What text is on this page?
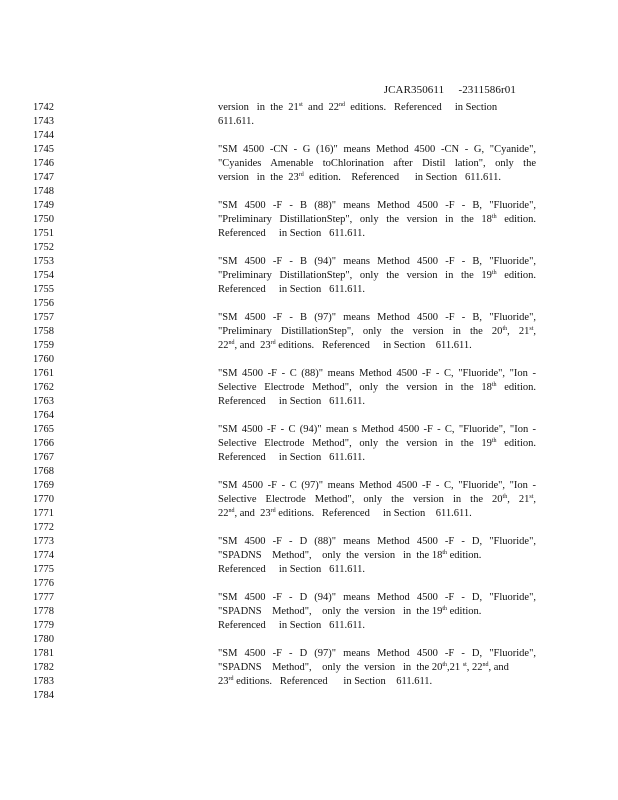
JCAR350611     -2311586r01

1742
1743
1744
1745
1746
1747
1748
1749
1750
1751
1752
1753
1754
1755
1756
1757
1758
1759
1760
1761
1762
1763
1764
1765
1766
1767
1768
1769
1770
1771
1772
1773
1774
1775
1776
1777
1778
1779
1780
1781
1782
1783
1784
version   in  the  21st  and  22nd  editions.   Referenced     in Section
611.611.
"SM 4500 -CN - G (16)" means Method 4500 -CN - G, "Cyanide",
"Cyanides Amenable toChlorination after Distil lation", only the
version   in  the  23rd  edition.    Referenced      in Section   611.611.
"SM 4500 -F - B (88)" means Method 4500 -F - B, "Fluoride",
"Preliminary DistillationStep", only the version in the 18th edition.
Referenced     in Section   611.611.
"SM 4500 -F - B (94)" means Method 4500 -F - B, "Fluoride",
"Preliminary DistillationStep", only the version in the 19th edition.
Referenced     in Section   611.611.
"SM 4500 -F - B (97)" means Method 4500 -F - B, "Fluoride",
"Preliminary DistillationStep", only the version in the 20th, 21st,
22nd, and  23rd editions.   Referenced     in Section    611.611.
"SM 4500 -F - C (88)" means Method 4500 -F - C, "Fluoride", "Ion -
Selective Electrode Method", only the version in the 18th edition.
Referenced     in Section   611.611.
"SM 4500 -F - C (94)" mean s Method 4500 -F - C, "Fluoride", "Ion -
Selective Electrode Method", only the version in the 19th edition.
Referenced     in Section   611.611.
"SM 4500 -F - C (97)" means Method 4500 -F - C, "Fluoride", "Ion -
Selective Electrode Method", only the version in the 20th, 21st,
22nd, and  23rd editions.   Referenced     in Section    611.611.
"SM 4500 -F - D (88)" means Method 4500 -F - D, "Fluoride",
"SPADNS    Method",    only  the  version   in  the 18th edition.
Referenced     in Section   611.611.
"SM 4500 -F - D (94)" means Method 4500 -F - D, "Fluoride",
"SPADNS    Method",    only  the  version   in  the 19th edition.
Referenced     in Section   611.611.
"SM 4500 -F - D (97)" means Method 4500 -F - D, "Fluoride",
"SPADNS    Method",    only  the  version   in  the 20th,21 $^{st}$, 22nd, and
23rd editions.   Referenced      in Section    611.611.
